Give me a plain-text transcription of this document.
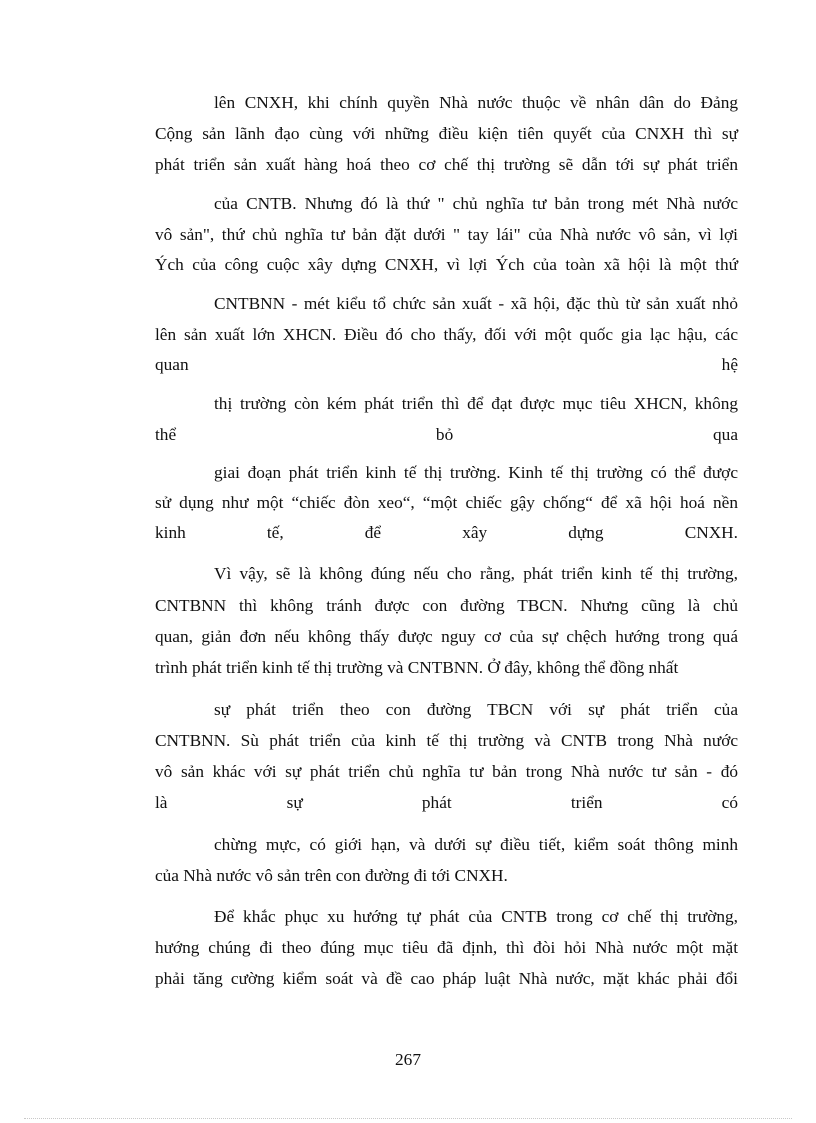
lên CNXH, khi chính quyền Nhà nước thuộc về nhân dân do Đảng
Cộng sản lãnh đạo cùng với những điều kiện tiên quyết của CNXH thì sự
phát triển sản xuất hàng hoá theo cơ chế thị trường sẽ dẫn tới sự phát triển
của CNTB. Nhưng đó là thứ " chủ nghĩa tư bản trong mét Nhà nước
vô sản", thứ chủ nghĩa tư bản đặt dưới " tay lái" của Nhà nước vô sản, vì lợi
Ých của công cuộc xây dựng CNXH, vì lợi Ých của toàn xã hội là một thứ
CNTBNN - mét kiểu tổ chức sản xuất - xã hội, đặc thù từ sản xuất nhỏ
lên sản xuất lớn XHCN. Điều đó cho thấy, đối với một quốc gia lạc hậu, các
quan hệ
thị trường còn kém phát triển thì để đạt được mục tiêu XHCN, không
thể bỏ qua
giai đoạn phát triển kinh tế thị trường. Kinh tế thị trường có thể được
sử dụng như một “chiếc đòn xeo“, “một chiếc gậy chống“ để xã hội hoá nền
kinh tế, để xây dựng CNXH.
Vì vậy, sẽ là không đúng nếu cho rằng, phát triển kinh tế thị trường,
CNTBNN thì không tránh được con đường TBCN. Nhưng cũng là chủ
quan, giản đơn nếu không thấy được nguy cơ của sự chệch hướng trong quá
trình phát triển kinh tế thị trường và CNTBNN. Ở đây, không thể đồng nhất
sự phát triển theo con đường TBCN với sự phát triển của
CNTBNN. Sù phát triển của kinh tế thị trường và CNTB trong Nhà nước
vô sản khác với sự phát triển chủ nghĩa tư bản trong Nhà nước tư sản - đó
là sự phát triển có
chừng mực, có giới hạn, và dưới sự điều tiết, kiểm soát thông minh
của Nhà nước vô sản trên con đường đi tới CNXH.
Để khắc phục xu hướng tự phát của CNTB trong cơ chế thị trường,
hướng chúng đi theo đúng mục tiêu đã định, thì đòi hỏi Nhà nước một mặt
phải tăng cường kiểm soát và đề cao pháp luật Nhà nước, mặt khác phải đổi
267
